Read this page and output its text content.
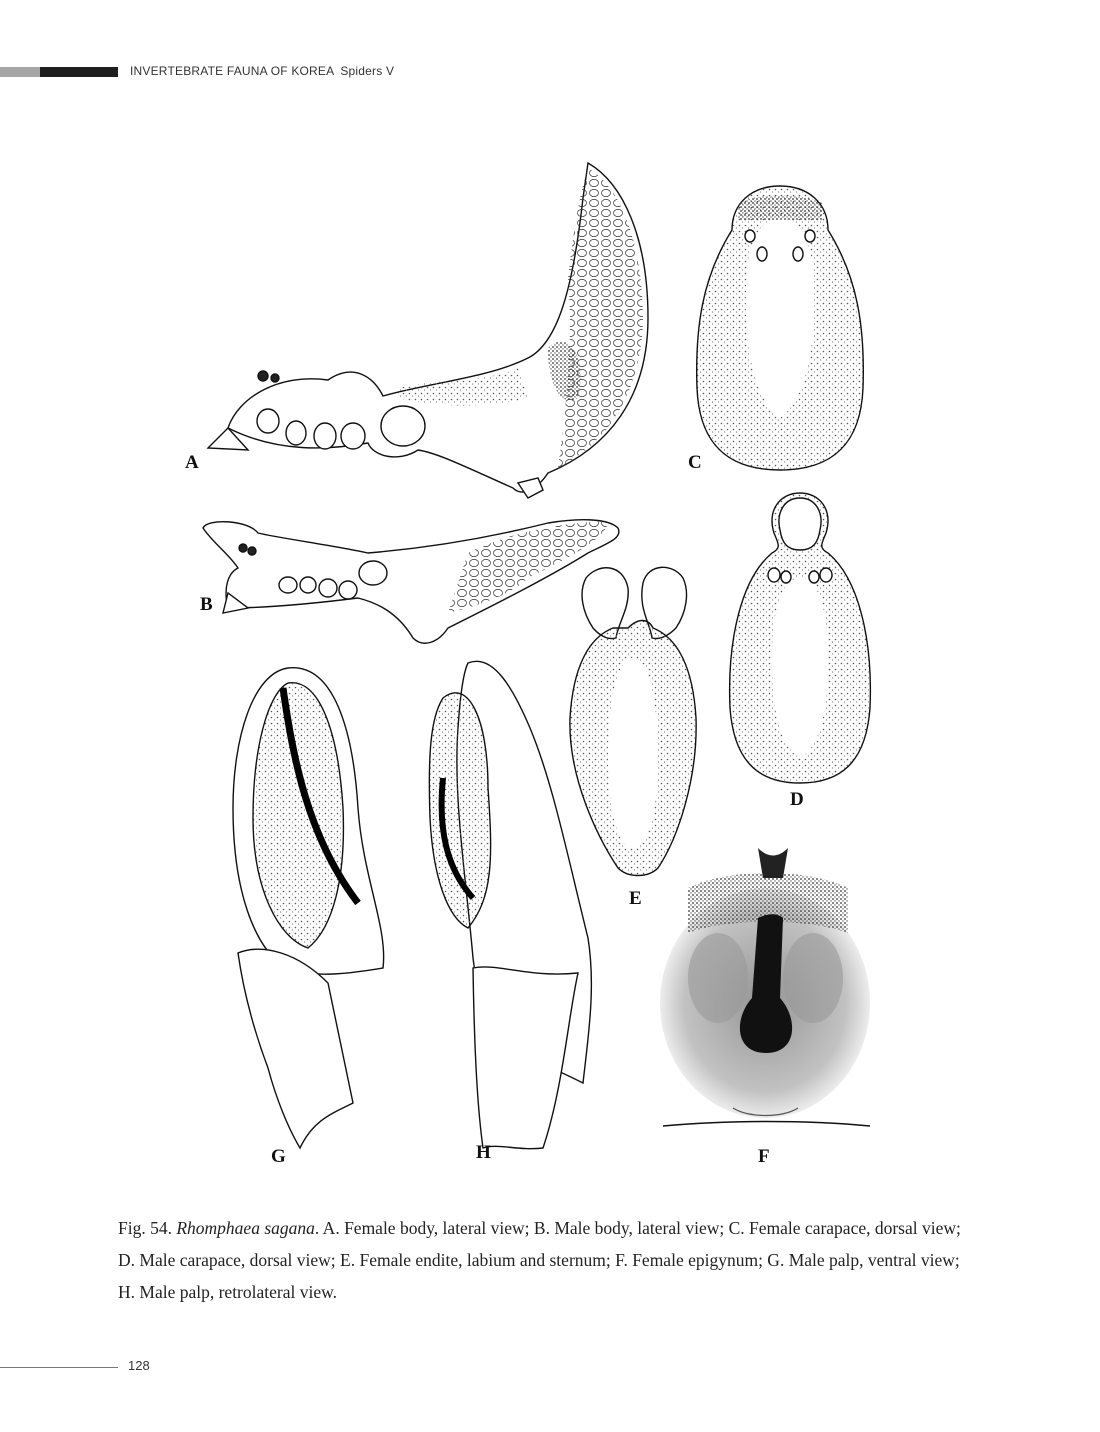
INVERTEBRATE FAUNA OF KOREA Spiders V
A	C
B
D
E
G	H	F

Fig. 54. Rhomphaea sagana. A. Female body, lateral view; B. Male body, lateral view; C. Female carapace, dorsal view; D. Male carapace, dorsal view; E. Female endite, labium and sternum; F. Female epigynum; G. Male palp, ventral view; H. Male palp, retrolateral view.

128
